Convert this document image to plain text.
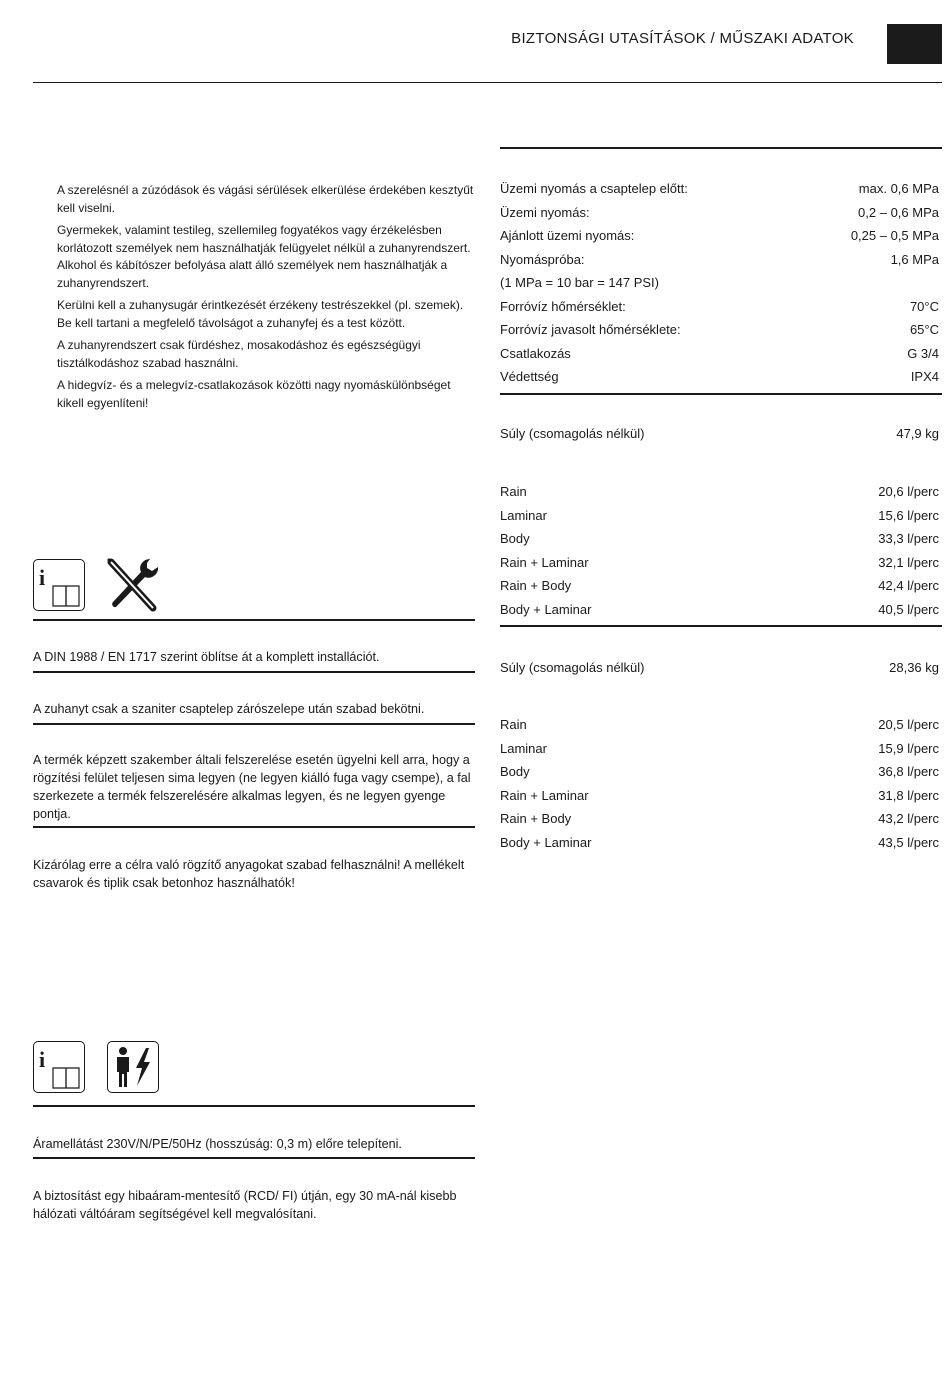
BIZTONSÁGI UTASÍTÁSOK / MŰSZAKI ADATOK

A szerelésnél a zúzódások és vágási sérülések elkerülése érdekében kesztyűt kell viselni.

Gyermekek, valamint testileg, szellemileg fogyatékos vagy érzékelésben korlátozott személyek nem használhatják felügyelet nélkül a zuhanyrendszert. Alkohol és kábítószer befolyása alatt álló személyek nem használhatják a zuhanyrendszert.

Kerülni kell a zuhanysugár érintkezését érzékeny testrészekkel (pl. szemek). Be kell tartani a megfelelő távolságot a zuhanyfej és a test között.

A zuhanyrendszert csak fürdéshez, mosakodáshoz és egészségügyi tisztálkodáshoz szabad használni.

A hidegvíz- és a melegvíz-csatlakozások közötti nagy nyomáskülönbséget kikell egyenlíteni!

i
A DIN 1988 / EN 1717 szerint öblítse át a komplett installációt.
A zuhanyt csak a szaniter csaptelep zárószelepe után szabad bekötni.
A termék képzett szakember általi felszerelése esetén ügyelni kell arra, hogy a rögzítési felület teljesen sima legyen (ne legyen kiálló fuga vagy csempe), a fal szerkezete a termék felszerelésére alkalmas legyen, és ne legyen gyenge pontja.
Kizárólag erre a célra való rögzítő anyagokat szabad felhasználni! A mellékelt csavarok és tiplik csak betonhoz használhatók!
i
Áramellátást 230V/N/PE/50Hz (hosszúság: 0,3 m) előre telepíteni.
A biztosítást egy hibaáram-mentesítő (RCD/ FI) útján, egy 30 mA-nál kisebb hálózati váltóáram segítségével kell megvalósítani.
Üzemi nyomás a csaptelep előtt:	max. 0,6 MPa
Üzemi nyomás:	0,2 – 0,6 MPa
Ajánlott üzemi nyomás:	0,25 – 0,5 MPa
Nyomáspróba:	1,6 MPa
(1 MPa = 10 bar = 147 PSI)
Forróvíz hőmérséklet:	70°C
Forróvíz javasolt hőmérséklete:	65°C
Csatlakozás	G 3/4
Védettség	IPX4
Súly (csomagolás nélkül)	47,9 kg
Rain	20,6 l/perc
Laminar	15,6 l/perc
Body	33,3 l/perc
Rain + Laminar	32,1 l/perc
Rain + Body	42,4 l/perc
Body + Laminar	40,5 l/perc
Súly (csomagolás nélkül)	28,36 kg
Rain	20,5 l/perc
Laminar	15,9 l/perc
Body	36,8 l/perc
Rain + Laminar	31,8 l/perc
Rain + Body	43,2 l/perc
Body + Laminar	43,5 l/perc
